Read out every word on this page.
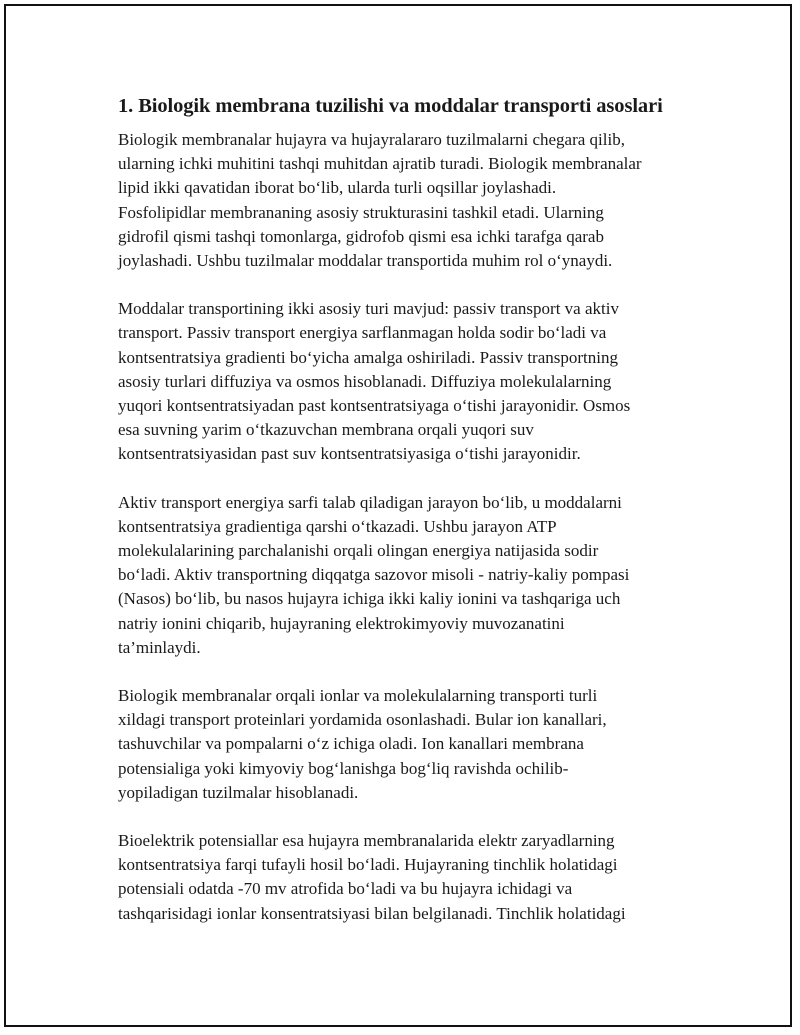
1. Biologik membrana tuzilishi va moddalar transporti asoslari
Biologik membranalar hujayra va hujayralararo tuzilmalarni chegara qilib,
ularning ichki muhitini tashqi muhitdan ajratib turadi. Biologik membranalar
lipid ikki qavatidan iborat bo‘lib, ularda turli oqsillar joylashadi.
Fosfolipidlar membrananing asosiy strukturasini tashkil etadi. Ularning
gidrofil qismi tashqi tomonlarga, gidrofob qismi esa ichki tarafga qarab
joylashadi. Ushbu tuzilmalar moddalar transportida muhim rol o‘ynaydi.
Moddalar transportining ikki asosiy turi mavjud: passiv transport va aktiv
transport. Passiv transport energiya sarflanmagan holda sodir bo‘ladi va
kontsentratsiya gradienti bo‘yicha amalga oshiriladi. Passiv transportning
asosiy turlari diffuziya va osmos hisoblanadi. Diffuziya molekulalarning
yuqori kontsentratsiyadan past kontsentratsiyaga o‘tishi jarayonidir. Osmos
esa suvning yarim o‘tkazuvchan membrana orqali yuqori suv
kontsentratsiyasidan past suv kontsentratsiyasiga o‘tishi jarayonidir.
Aktiv transport energiya sarfi talab qiladigan jarayon bo‘lib, u moddalarni
kontsentratsiya gradientiga qarshi o‘tkazadi. Ushbu jarayon ATP
molekulalarining parchalanishi orqali olingan energiya natijasida sodir
bo‘ladi. Aktiv transportning diqqatga sazovor misoli - natriy-kaliy pompasi
(Nasos) bo‘lib, bu nasos hujayra ichiga ikki kaliy ionini va tashqariga uch
natriy ionini chiqarib, hujayraning elektrokimyoviy muvozanatini
ta’minlaydi.
Biologik membranalar orqali ionlar va molekulalarning transporti turli
xildagi transport proteinlari yordamida osonlashadi. Bular ion kanallari,
tashuvchilar va pompalarni o‘z ichiga oladi. Ion kanallari membrana
potensialiga yoki kimyoviy bog‘lanishga bog‘liq ravishda ochilib-
yopiladigan tuzilmalar hisoblanadi.
Bioelektrik potensiallar esa hujayra membranalarida elektr zaryadlarning
kontsentratsiya farqi tufayli hosil bo‘ladi. Hujayraning tinchlik holatidagi
potensiali odatda -70 mv atrofida bo‘ladi va bu hujayra ichidagi va
tashqarisidagi ionlar konsentratsiyasi bilan belgilanadi. Tinchlik holatidagi
